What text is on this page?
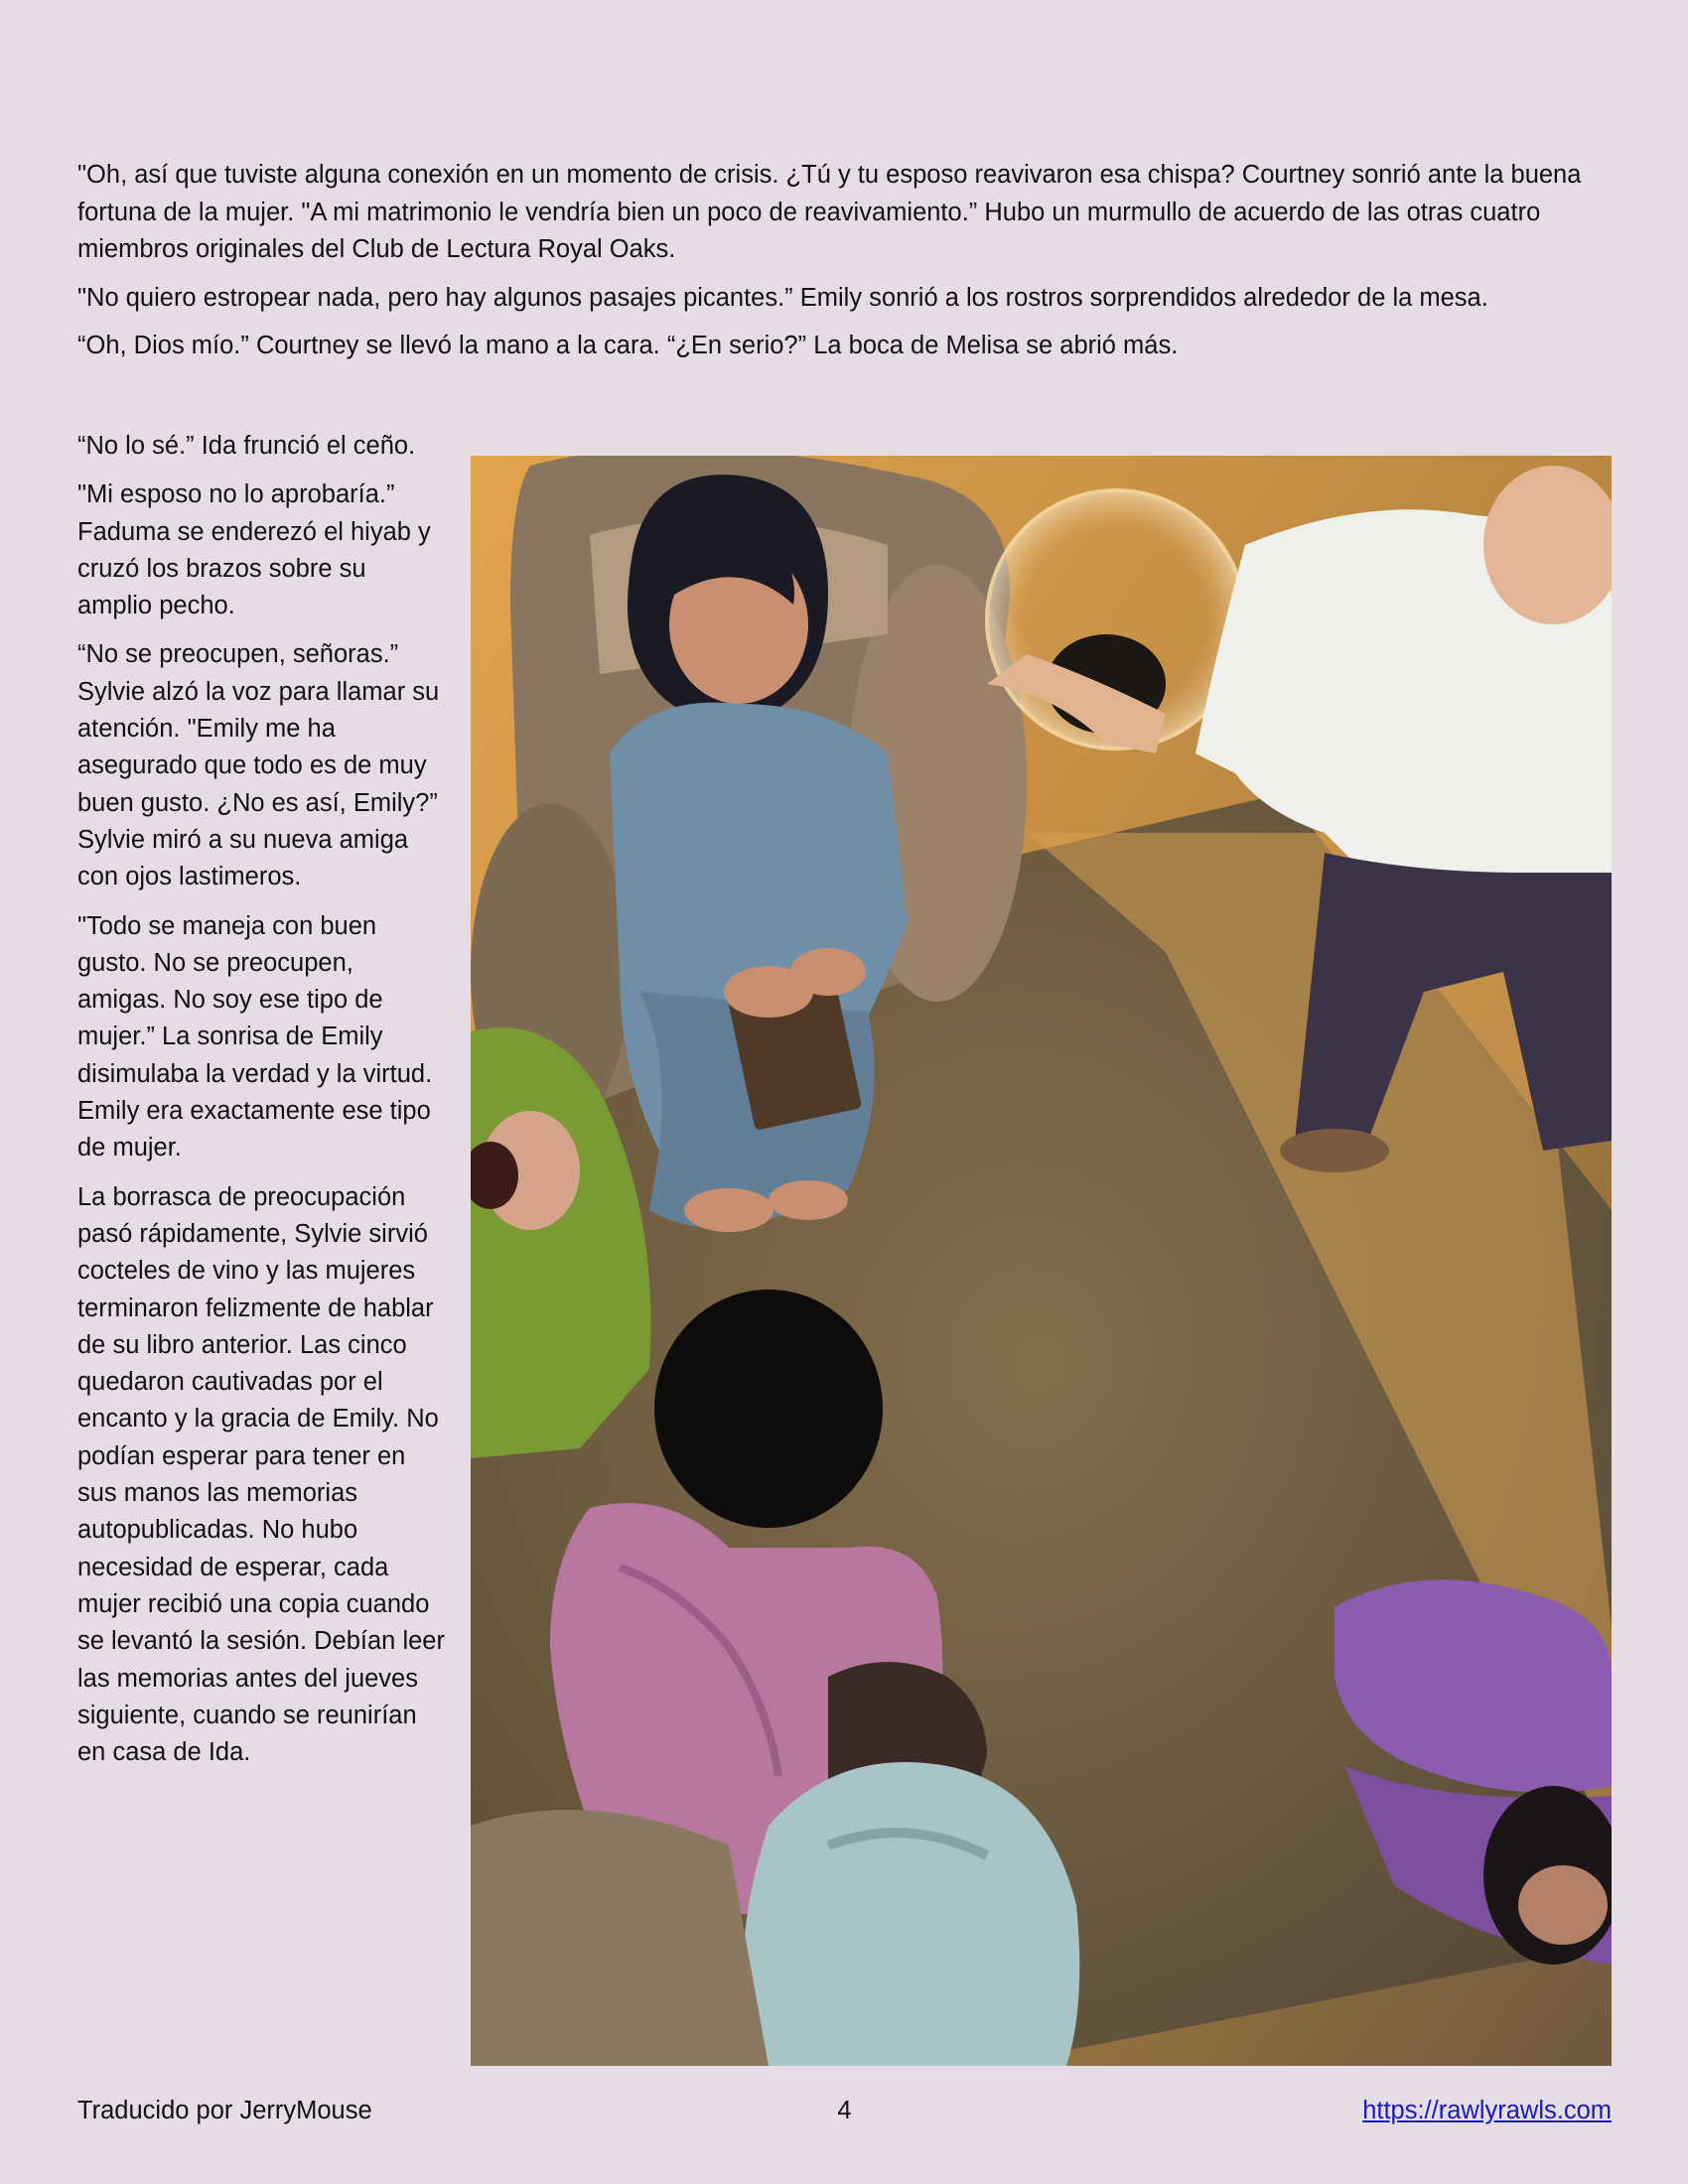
"Oh, así que tuviste alguna conexión en un momento de crisis. ¿Tú y tu esposo reavivaron esa chispa? Courtney sonrió ante la buena fortuna de la mujer. "A mi matrimonio le vendría bien un poco de reavivamiento.” Hubo un murmullo de acuerdo de las otras cuatro miembros originales del Club de Lectura Royal Oaks.

"No quiero estropear nada, pero hay algunos pasajes picantes.” Emily sonrió a los rostros sorprendidos alrededor de la mesa.

“Oh, Dios mío.” Courtney se llevó la mano a la cara. “¿En serio?” La boca de Melisa se abrió más.

“No lo sé.” Ida frunció el ceño.

"Mi esposo no lo aprobaría.” Faduma se enderezó el hiyab y cruzó los brazos sobre su amplio pecho.

“No se preocupen, señoras.” Sylvie alzó la voz para llamar su atención. "Emily me ha asegurado que todo es de muy buen gusto. ¿No es así, Emily?” Sylvie miró a su nueva amiga con ojos lastimeros.

"Todo se maneja con buen gusto. No se preocupen, amigas. No soy ese tipo de mujer.” La sonrisa de Emily disimulaba la verdad y la virtud. Emily era exactamente ese tipo de mujer.

La borrasca de preocupación pasó rápidamente, Sylvie sirvió cocteles de vino y las mujeres terminaron felizmente de hablar de su libro anterior. Las cinco quedaron cautivadas por el encanto y la gracia de Emily. No podían esperar para tener en sus manos las memorias autopublicadas. No hubo necesidad de esperar, cada mujer recibió una copia cuando se levantó la sesión. Debían leer las memorias antes del jueves siguiente, cuando se reunirían en casa de Ida.

Traducido por JerryMouse	4	https://rawlyrawls.com
